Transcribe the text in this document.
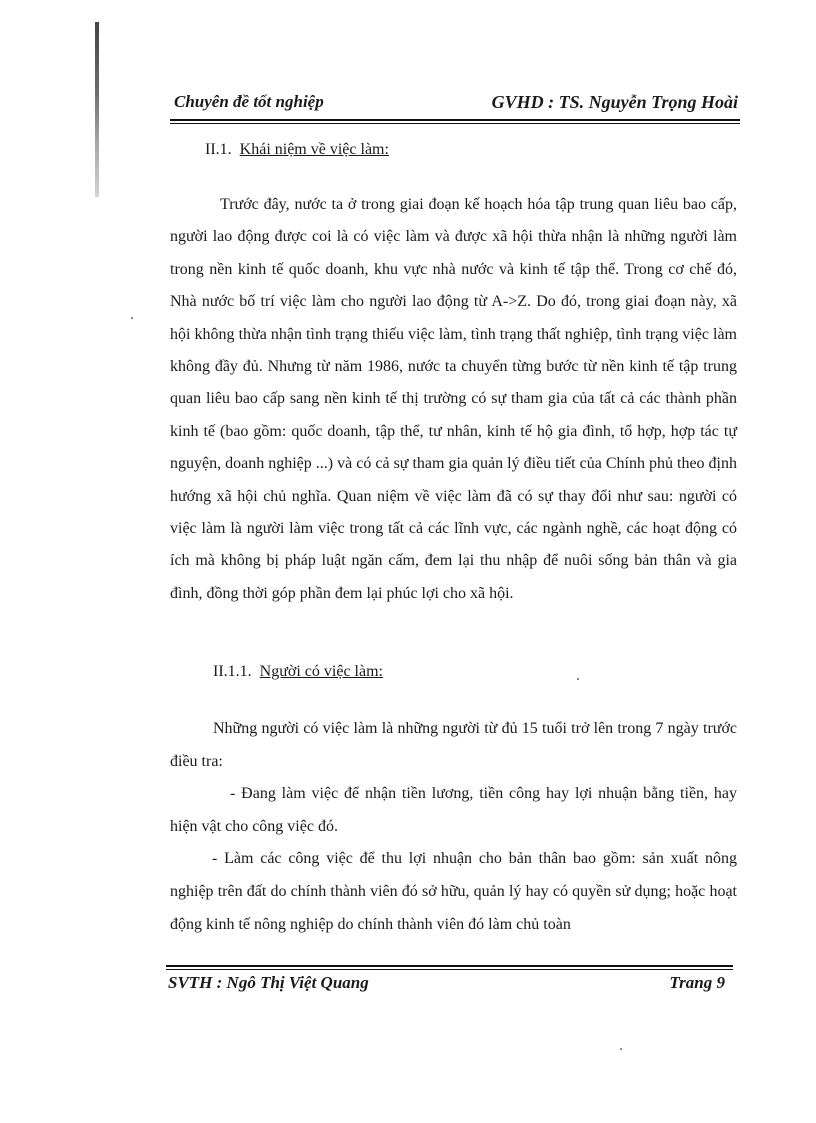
Chuyên đề tốt nghiệp	GVHD : TS. Nguyễn Trọng Hoài
II.1. Khái niệm về việc làm:

Trước đây, nước ta ở trong giai đoạn kế hoạch hóa tập trung quan liêu bao cấp, người lao động được coi là có việc làm và được xã hội thừa nhận là những người làm trong nền kinh tế quốc doanh, khu vực nhà nước và kinh tế tập thể. Trong cơ chế đó, Nhà nước bố trí việc làm cho người lao động từ A->Z. Do đó, trong giai đoạn này, xã hội không thừa nhận tình trạng thiếu việc làm, tình trạng thất nghiệp, tình trạng việc làm không đầy đủ. Nhưng từ năm 1986, nước ta chuyển từng bước từ nền kinh tế tập trung quan liêu bao cấp sang nền kinh tế thị trường có sự tham gia của tất cả các thành phần kinh tế (bao gồm: quốc doanh, tập thể, tư nhân, kinh tế hộ gia đình, tổ hợp, hợp tác tự nguyện, doanh nghiệp ...) và có cả sự tham gia quản lý điều tiết của Chính phủ theo định hướng xã hội chủ nghĩa. Quan niệm về việc làm đã có sự thay đổi như sau: người có việc làm là người làm việc trong tất cả các lĩnh vực, các ngành nghề, các hoạt động có ích mà không bị pháp luật ngăn cấm, đem lại thu nhập để nuôi sống bản thân và gia đình, đồng thời góp phần đem lại phúc lợi cho xã hội.

II.1.1. Người có việc làm:

Những người có việc làm là những người từ đủ 15 tuổi trở lên trong 7 ngày trước điều tra:

- Đang làm việc để nhận tiền lương, tiền công hay lợi nhuận bằng tiền, hay hiện vật cho công việc đó.

- Làm các công việc để thu lợi nhuận cho bản thân bao gồm: sản xuất nông nghiệp trên đất do chính thành viên đó sở hữu, quản lý hay có quyền sử dụng; hoặc hoạt động kinh tế nông nghiệp do chính thành viên đó làm chủ toàn

SVTH : Ngô Thị Việt Quang	Trang 9
